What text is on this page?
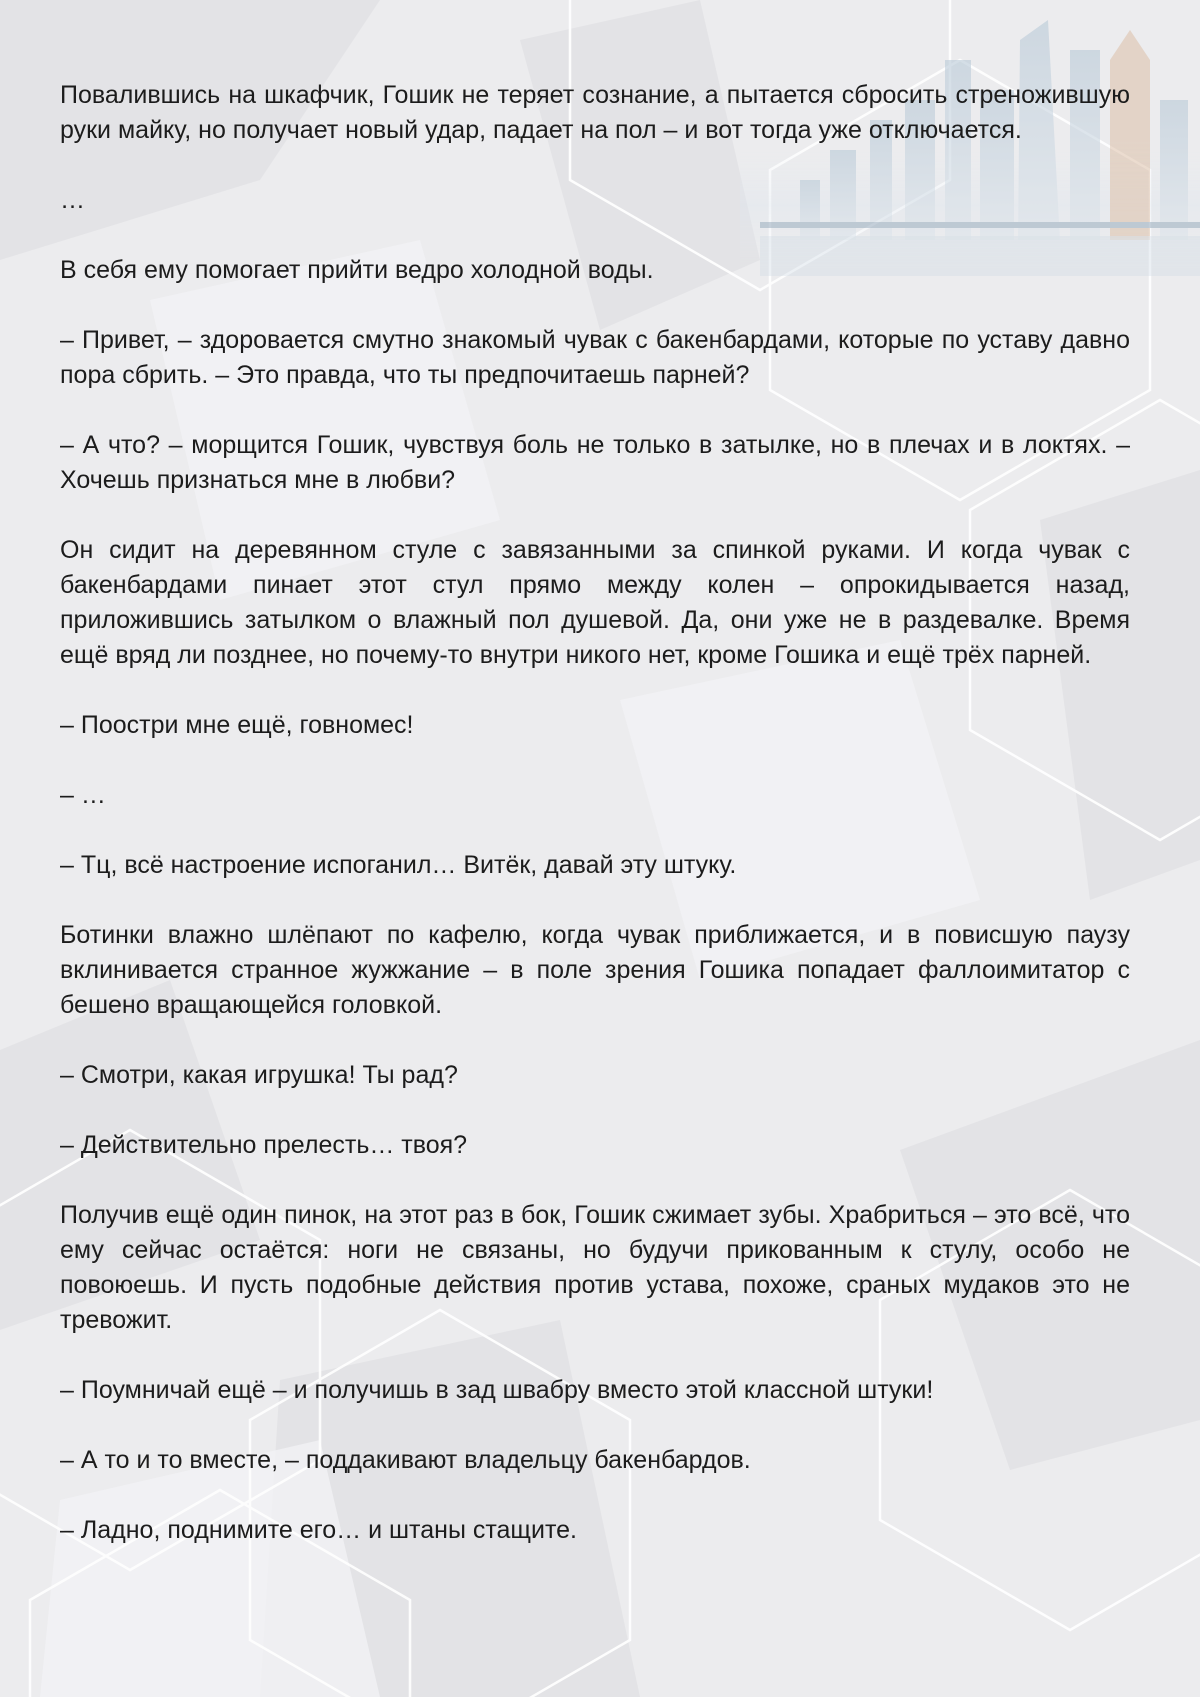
Повалившись на шкафчик, Гошик не теряет сознание, а пытается сбросить стреножившую руки майку, но получает новый удар, падает на пол – и вот тогда уже отключается.

…

В себя ему помогает прийти ведро холодной воды.

– Привет, – здоровается смутно знакомый чувак с бакенбардами, которые по уставу давно пора сбрить. – Это правда, что ты предпочитаешь парней?

– А что? – морщится Гошик, чувствуя боль не только в затылке, но в плечах и в локтях. – Хочешь признаться мне в любви?

Он сидит на деревянном стуле с завязанными за спинкой руками. И когда чувак с бакенбардами пинает этот стул прямо между колен – опрокидывается назад, приложившись затылком о влажный пол душевой. Да, они уже не в раздевалке. Время ещё вряд ли позднее, но почему-то внутри никого нет, кроме Гошика и ещё трёх парней.

– Поостри мне ещё, говномес!

– …

– Тц, всё настроение испоганил… Витёк, давай эту штуку.

Ботинки влажно шлёпают по кафелю, когда чувак приближается, и в повисшую паузу вклинивается странное жужжание – в поле зрения Гошика попадает фаллоимитатор с бешено вращающейся головкой.

– Смотри, какая игрушка! Ты рад?

– Действительно прелесть… твоя?

Получив ещё один пинок, на этот раз в бок, Гошик сжимает зубы. Храбриться – это всё, что ему сейчас остаётся: ноги не связаны, но будучи прикованным к стулу, особо не повоюешь. И пусть подобные действия против устава, похоже, сраных мудаков это не тревожит.

– Поумничай ещё – и получишь в зад швабру вместо этой классной штуки!

– А то и то вместе, – поддакивают владельцу бакенбардов.

– Ладно, поднимите его… и штаны стащите.
